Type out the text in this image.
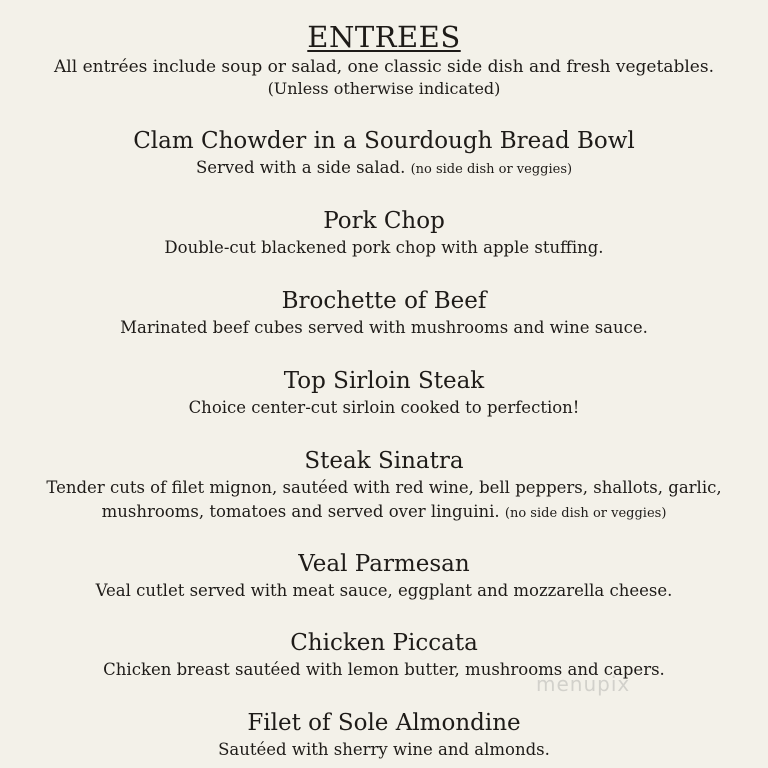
ENTREES

All entrées include soup or salad, one classic side dish and fresh vegetables.

(Unless otherwise indicated)

Clam Chowder in a Sourdough Bread Bowl

Served with a side salad. (no side dish or veggies)

Pork Chop

Double-cut blackened pork chop with apple stuffing.

Brochette of Beef

Marinated beef cubes served with mushrooms and wine sauce.

Top Sirloin Steak

Choice center-cut sirloin cooked to perfection!

Steak Sinatra

Tender cuts of filet mignon, sautéed with red wine, bell peppers, shallots, garlic,

mushrooms, tomatoes and served over linguini. (no side dish or veggies)

Veal Parmesan

Veal cutlet served with meat sauce, eggplant and mozzarella cheese.

Chicken Piccata

Chicken breast sautéed with lemon butter, mushrooms and capers.

Filet of Sole Almondine

Sautéed with sherry wine and almonds.

menupix
